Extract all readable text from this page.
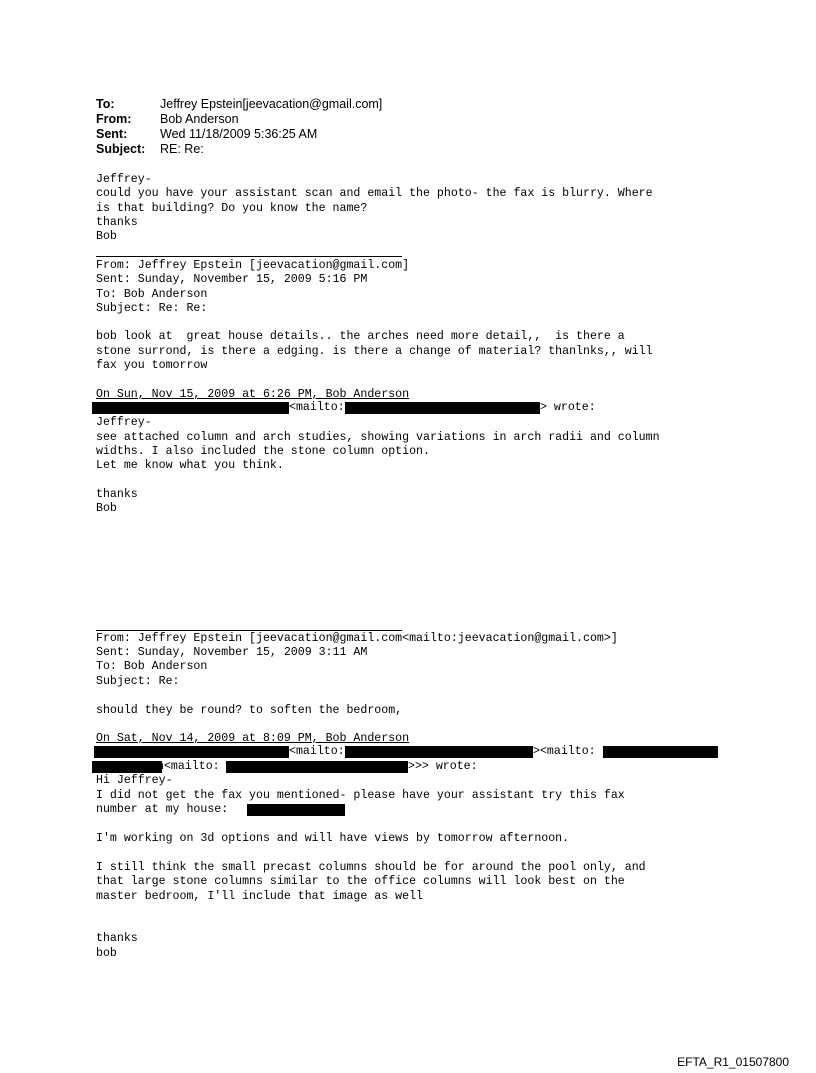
To:	Jeffrey Epstein[jeevacation@gmail.com]
From: Bob Anderson
Sent:	Wed 11/18/2009 5:36:25 AM
Subject: RE: Re:
Jeffrey-
could you have your assistant scan and email the photo- the fax is blurry. Where
is that building? Do you know the name?
thanks
Bob
From: Jeffrey Epstein [jeevacation@gmail.com]
Sent: Sunday, November 15, 2009 5:16 PM
To: Bob Anderson
Subject: Re: Re:
bob look at  great house details.. the arches need more detail,,  is there a
stone surrond, is there a edging. is there a change of material? thanlnks,, will
fax you tomorrow
On Sun, Nov 15, 2009 at 6:26 PM, Bob Anderson
<mailto:	> wrote:
Jeffrey-
see attached column and arch studies, showing variations in arch radii and column
widths. I also included the stone column option.
Let me know what you think.
thanks
Bob
From: Jeffrey Epstein [jeevacation@gmail.com<mailto:jeevacation@gmail.com>]
Sent: Sunday, November 15, 2009 3:11 AM
To: Bob Anderson
Subject: Re:
should they be round? to soften the bedroom,
On Sat, Nov 14, 2009 at 8:09 PM, Bob Anderson
<mailto:	><mailto:
n<mailto:	>>> wrote:
Hi Jeffrey-
I did not get the fax you mentioned- please have your assistant try this fax
number at my house:
I'm working on 3d options and will have views by tomorrow afternoon.
I still think the small precast columns should be for around the pool only, and
that large stone columns similar to the office columns will look best on the
master bedroom, I'll include that image as well
thanks
bob
EFTA_R1_01507800
